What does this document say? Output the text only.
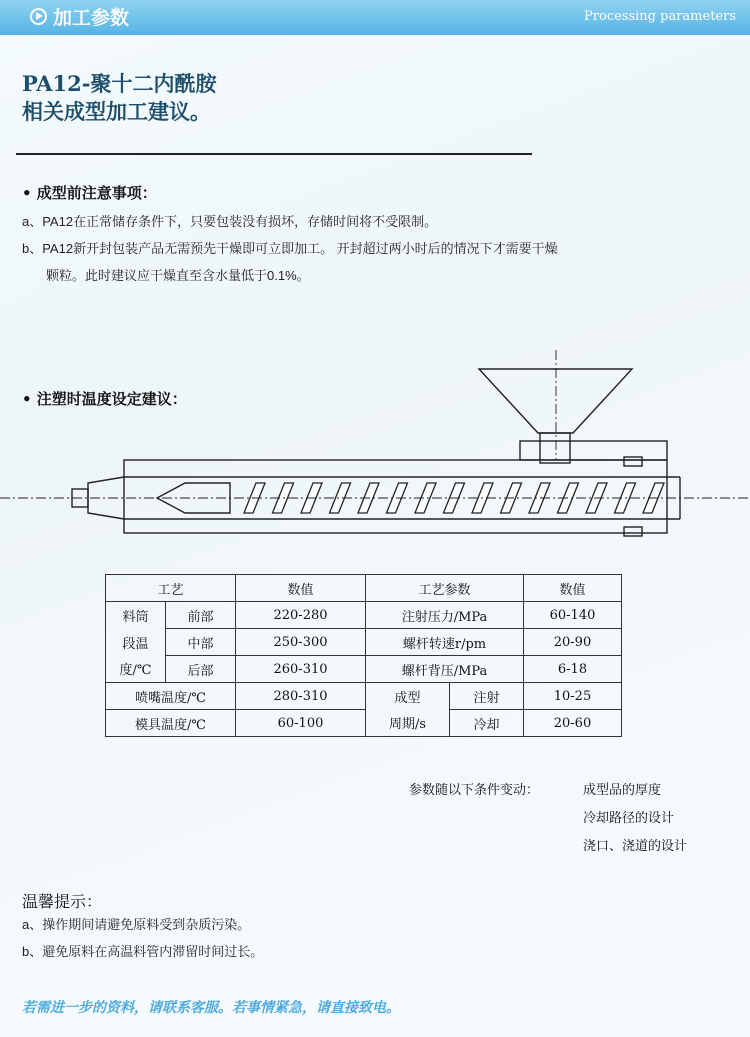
加工参数	Processing parameters
PA12-聚十二内酰胺
相关成型加工建议。
• 成型前注意事项：
a、PA12在正常储存条件下，只要包装没有损坏，存储时间将不受限制。
b、PA12新开封包装产品无需预先干燥即可立即加工。 开封超过两小时后的情况下才需要干燥
颗粒。此时建议应干燥直至含水量低于0.1%。
• 注塑时温度设定建议：
工艺		数值	工艺参数		数值
料筒	前部	220-280	注射压力/MPa		60-140
段温	中部	250-300	螺杆转速r/pm		20-90
度/℃	后部	260-310	螺杆背压/MPa		6-18
喷嘴温度/℃		280-310	成型	注射	10-25
模具温度/℃		60-100	周期/s	冷却	20-60
参数随以下条件变动：	成型品的厚度
冷却路径的设计
浇口、浇道的设计
温馨提示：
a、操作期间请避免原料受到杂质污染。
b、避免原料在高温料管内滞留时间过长。
若需进一步的资料，请联系客服。若事情紧急，请直接致电。
